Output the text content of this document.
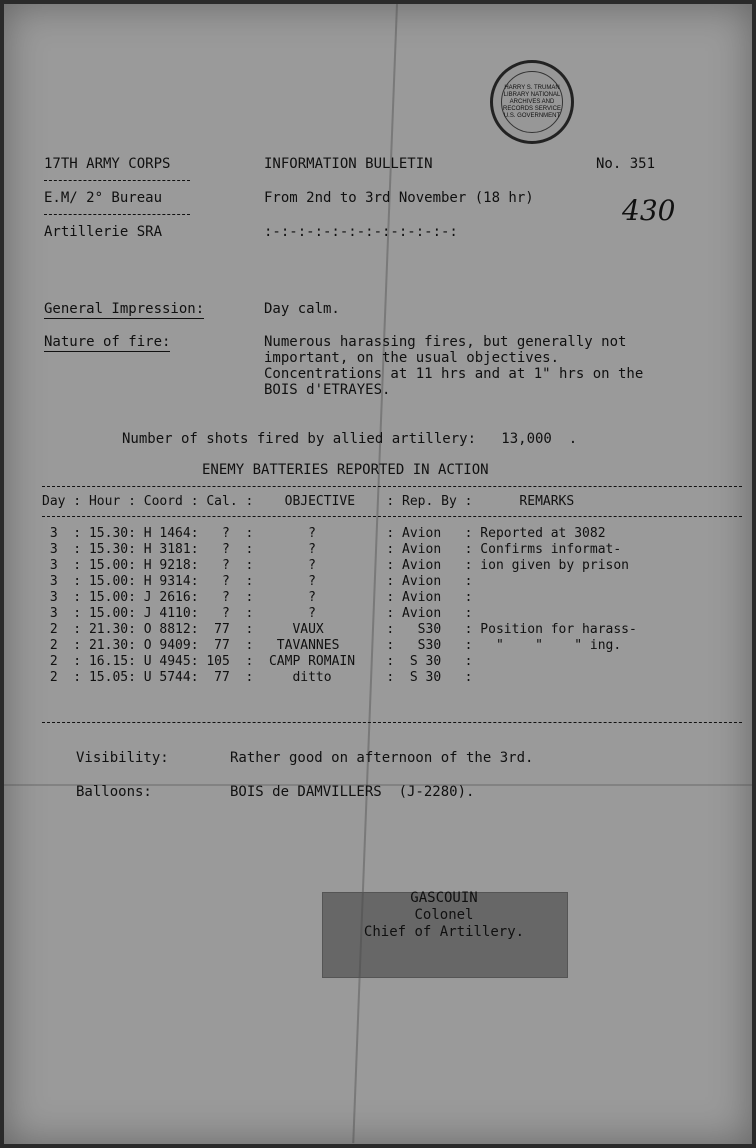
HARRY S. TRUMAN LIBRARY NATIONAL ARCHIVES AND RECORDS SERVICE U.S. GOVERNMENT
17TH ARMY CORPS
E.M/ 2° Bureau
Artillerie SRA
INFORMATION BULLETIN
From 2nd to 3rd November (18 hr)
:-:-:-:-:-:-:-:-:-:-:-:
No. 351
430
General Impression:	Day calm.
Nature of fire:	Numerous harassing fires, but generally not
important, on the usual objectives.
Concentrations at 11 hrs and at 1" hrs on the
BOIS d'ETRAYES.
Number of shots fired by allied artillery:   13,000  .
ENEMY BATTERIES REPORTED IN ACTION
Day : Hour : Coord : Cal. :    OBJECTIVE    : Rep. By :      REMARKS
3  : 15.30: H 1464:   ?  :       ?         : Avion   : Reported at 3082
3  : 15.30: H 3181:   ?  :       ?         : Avion   : Confirms informat-
3  : 15.00: H 9218:   ?  :       ?         : Avion   : ion given by prison
3  : 15.00: H 9314:   ?  :       ?         : Avion   :
3  : 15.00: J 2616:   ?  :       ?         : Avion   :
3  : 15.00: J 4110:   ?  :       ?         : Avion   :
2  : 21.30: O 8812:  77  :     VAUX        :   S30   : Position for harass-
2  : 21.30: O 9409:  77  :   TAVANNES      :   S30   :   "    "    " ing.
2  : 16.15: U 4945: 105  :  CAMP ROMAIN    :  S 30   :
2  : 15.05: U 5744:  77  :     ditto       :  S 30   :
Visibility:	Rather good on afternoon of the 3rd.
Balloons:	BOIS de DAMVILLERS  (J-2280).
GASCOUIN
Colonel
Chief of Artillery.
